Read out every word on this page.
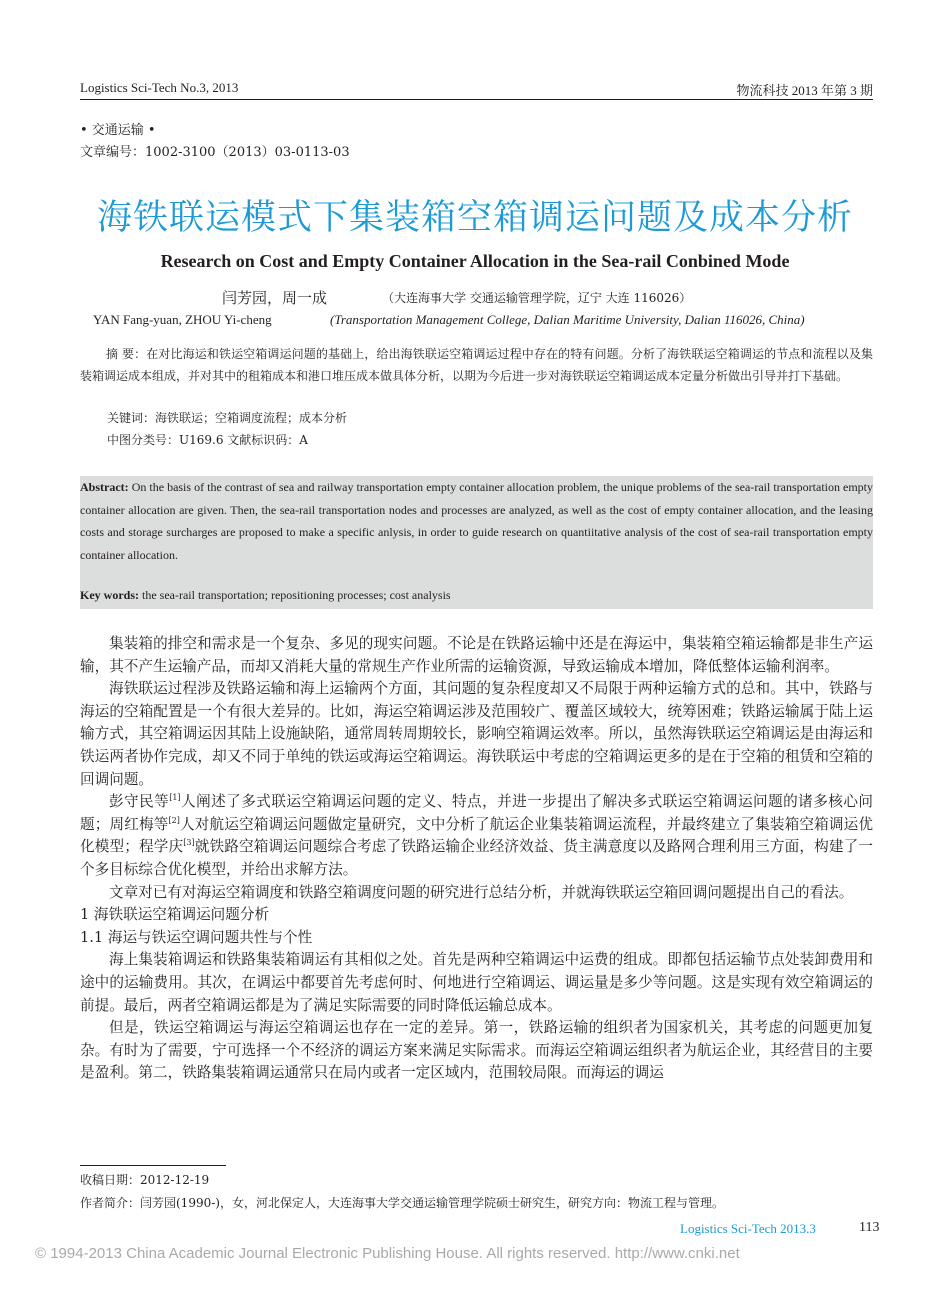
Logistics Sci-Tech No.3, 2013	物流科技 2013 年第 3 期
• 交通运输 •
文章编号：1002-3100（2013）03-0113-03
海铁联运模式下集装箱空箱调运问题及成本分析
Research on Cost and Empty Container Allocation in the Sea-rail Conbined Mode
闫芳园，周一成	（大连海事大学 交通运输管理学院，辽宁 大连 116026）
YAN Fang-yuan, ZHOU Yi-cheng	(Transportation Management College, Dalian Maritime University, Dalian 116026, China)

摘 要：在对比海运和铁运空箱调运问题的基础上，给出海铁联运空箱调运过程中存在的特有问题。分析了海铁联运空箱调运的节点和流程以及集装箱调运成本组成，并对其中的租箱成本和港口堆压成本做具体分析，以期为今后进一步对海铁联运空箱调运成本定量分析做出引导并打下基础。

关键词：海铁联运；空箱调度流程；成本分析
中图分类号：U169.6 文献标识码：A
Abstract: On the basis of the contrast of sea and railway transportation empty container allocation problem, the unique problems of the sea-rail transportation empty container allocation are given. Then, the sea-rail transportation nodes and processes are analyzed, as well as the cost of empty container allocation, and the leasing costs and storage surcharges are proposed to make a specific anlysis, in order to guide research on quantiitative analysis of the cost of sea-rail transportation empty container allocation.
Key words: the sea-rail transportation; repositioning processes; cost analysis

集装箱的排空和需求是一个复杂、多见的现实问题。不论是在铁路运输中还是在海运中，集装箱空箱运输都是非生产运输，其不产生运输产品，而却又消耗大量的常规生产作业所需的运输资源，导致运输成本增加，降低整体运输利润率。

海铁联运过程涉及铁路运输和海上运输两个方面，其问题的复杂程度却又不局限于两种运输方式的总和。其中，铁路与海运的空箱配置是一个有很大差异的。比如，海运空箱调运涉及范围较广、覆盖区域较大，统筹困难；铁路运输属于陆上运输方式，其空箱调运因其陆上设施缺陷，通常周转周期较长，影响空箱调运效率。所以，虽然海铁联运空箱调运是由海运和铁运两者协作完成，却又不同于单纯的铁运或海运空箱调运。海铁联运中考虑的空箱调运更多的是在于空箱的租赁和空箱的回调问题。

彭守民等[1]人阐述了多式联运空箱调运问题的定义、特点，并进一步提出了解决多式联运空箱调运问题的诸多核心问题；周红梅等[2]人对航运空箱调运问题做定量研究，文中分析了航运企业集装箱调运流程，并最终建立了集装箱空箱调运优化模型；程学庆[3]就铁路空箱调运问题综合考虑了铁路运输企业经济效益、货主满意度以及路网合理利用三方面，构建了一个多目标综合优化模型，并给出求解方法。

文章对已有对海运空箱调度和铁路空箱调度问题的研究进行总结分析，并就海铁联运空箱回调问题提出自己的看法。

1 海铁联运空箱调运问题分析

1.1 海运与铁运空调问题共性与个性

海上集装箱调运和铁路集装箱调运有其相似之处。首先是两种空箱调运中运费的组成。即都包括运输节点处装卸费用和途中的运输费用。其次，在调运中都要首先考虑何时、何地进行空箱调运、调运量是多少等问题。这是实现有效空箱调运的前提。最后，两者空箱调运都是为了满足实际需要的同时降低运输总成本。

但是，铁运空箱调运与海运空箱调运也存在一定的差异。第一，铁路运输的组织者为国家机关，其考虑的问题更加复杂。有时为了需要，宁可选择一个不经济的调运方案来满足实际需求。而海运空箱调运组织者为航运企业，其经营目的主要是盈利。第二，铁路集装箱调运通常只在局内或者一定区域内，范围较局限。而海运的调运

收稿日期：2012-12-19
作者简介：闫芳园(1990-)，女，河北保定人，大连海事大学交通运输管理学院硕士研究生，研究方向：物流工程与管理。
Logistics Sci-Tech 2013.3	113
© 1994-2013 China Academic Journal Electronic Publishing House. All rights reserved. http://www.cnki.net
